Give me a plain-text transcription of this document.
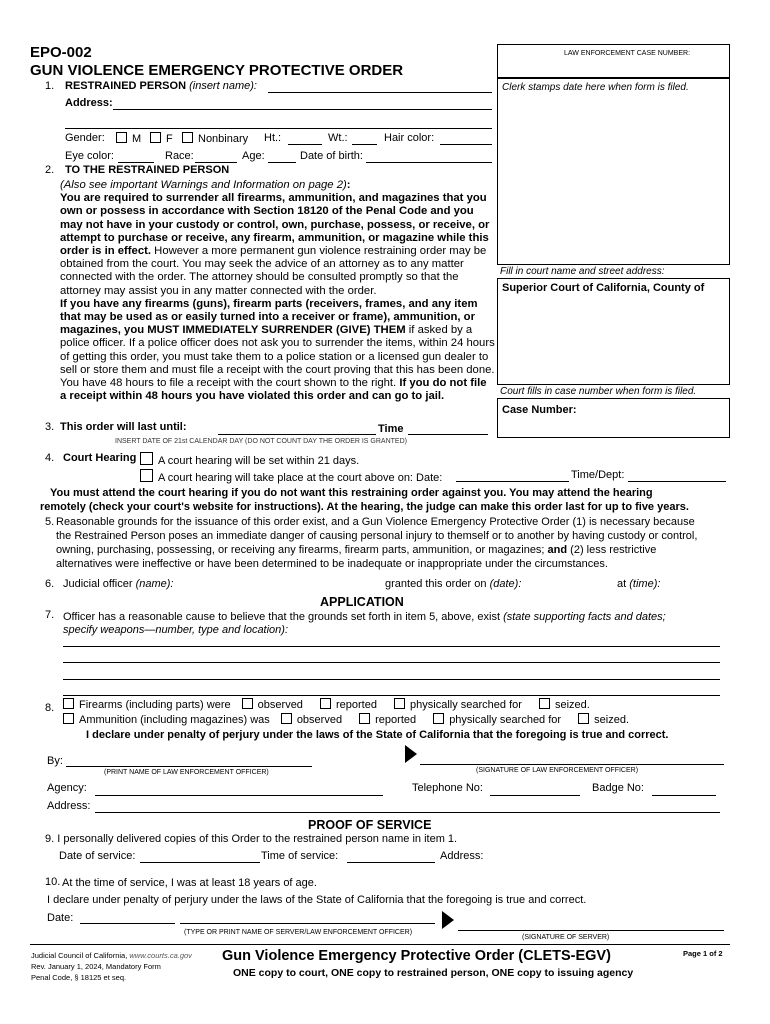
EPO-002
GUN VIOLENCE EMERGENCY PROTECTIVE ORDER
LAW ENFORCEMENT CASE NUMBER:
Clerk stamps date here when form is filed.
Fill in court name and street address:
Superior Court of California, County of
Court fills in case number when form is filed.
Case Number:
1. RESTRAINED PERSON (insert name):
Address:
Gender:	M	F	Nonbinary Ht.:	Wt.:	Hair color:
Eye color:	Race:	Age:	Date of birth:
2. TO THE RESTRAINED PERSON
(Also see important Warnings and Information on page 2):
You are required to surrender all firearms, ammunition, and magazines that you
own or possess in accordance with Section 18120 of the Penal Code and you
may not have in your custody or control, own, purchase, possess, or receive, or
attempt to purchase or receive, any firearm, ammunition, or magazine while this
order is in effect. However a more permanent gun violence restraining order may be
obtained from the court. You may seek the advice of an attorney as to any matter
connected with the order. The attorney should be consulted promptly so that the
attorney may assist you in any matter connected with the order.
If you have any firearms (guns), firearm parts (receivers, frames, and any item
that may be used as or easily turned into a receiver or frame), ammunition, or
magazines, you MUST IMMEDIATELY SURRENDER (GIVE) THEM if asked by a
police officer. If a police officer does not ask you to surrender the items, within 24 hours
of getting this order, you must take them to a police station or a licensed gun dealer to
sell or store them and must file a receipt with the court proving that this has been done.
You have 48 hours to file a receipt with the court shown to the right. If you do not file
a receipt within 48 hours you have violated this order and can go to jail.
3. This order will last until:	Time
INSERT DATE OF 21st CALENDAR DAY (DO NOT COUNT DAY THE ORDER IS GRANTED)
4. Court Hearing	A court hearing will be set within 21 days.
A court hearing will take place at the court above on: Date:	Time/Dept:
You must attend the court hearing if you do not want this restraining order against you. You may attend the hearing
remotely (check your court's website for instructions). At the hearing, the judge can make this order last for up to five years.
5. Reasonable grounds for the issuance of this order exist, and a Gun Violence Emergency Protective Order (1) is necessary because
the Restrained Person poses an immediate danger of causing personal injury to themself or to another by having custody or control,
owning, purchasing, possessing, or receiving any firearms, firearm parts, ammunition, or magazines; and (2) less restrictive
alternatives were ineffective or have been determined to be inadequate or inappropriate under the circumstances.
6. Judicial officer (name):	granted this order on (date):	at (time):
APPLICATION
7. Officer has a reasonable cause to believe that the grounds set forth in item 5, above, exist (state supporting facts and dates;
specify weapons—number, type and location):
8.	Firearms (including parts) were observed	reported	physically searched for	seized.
Ammunition (including magazines) was observed	reported	physically searched for	seized.
I declare under penalty of perjury under the laws of the State of California that the foregoing is true and correct.
By:
(PRINT NAME OF LAW ENFORCEMENT OFFICER)	(SIGNATURE OF LAW ENFORCEMENT OFFICER)
Agency:	Telephone No:	Badge No:
Address:
PROOF OF SERVICE
9. I personally delivered copies of this Order to the restrained person name in item 1.
Date of service:	Time of service:	Address:
10. At the time of service, I was at least 18 years of age.
I declare under penalty of perjury under the laws of the State of California that the foregoing is true and correct.
Date:
(TYPE OR PRINT NAME OF SERVER/LAW ENFORCEMENT OFFICER)
(SIGNATURE OF SERVER)
Judicial Council of California, www.courts.ca.gov
Rev. January 1, 2024, Mandatory Form
Penal Code, § 18125 et seq.
Gun Violence Emergency Protective Order (CLETS-EGV)
ONE copy to court, ONE copy to restrained person, ONE copy to issuing agency
Page 1 of 2
